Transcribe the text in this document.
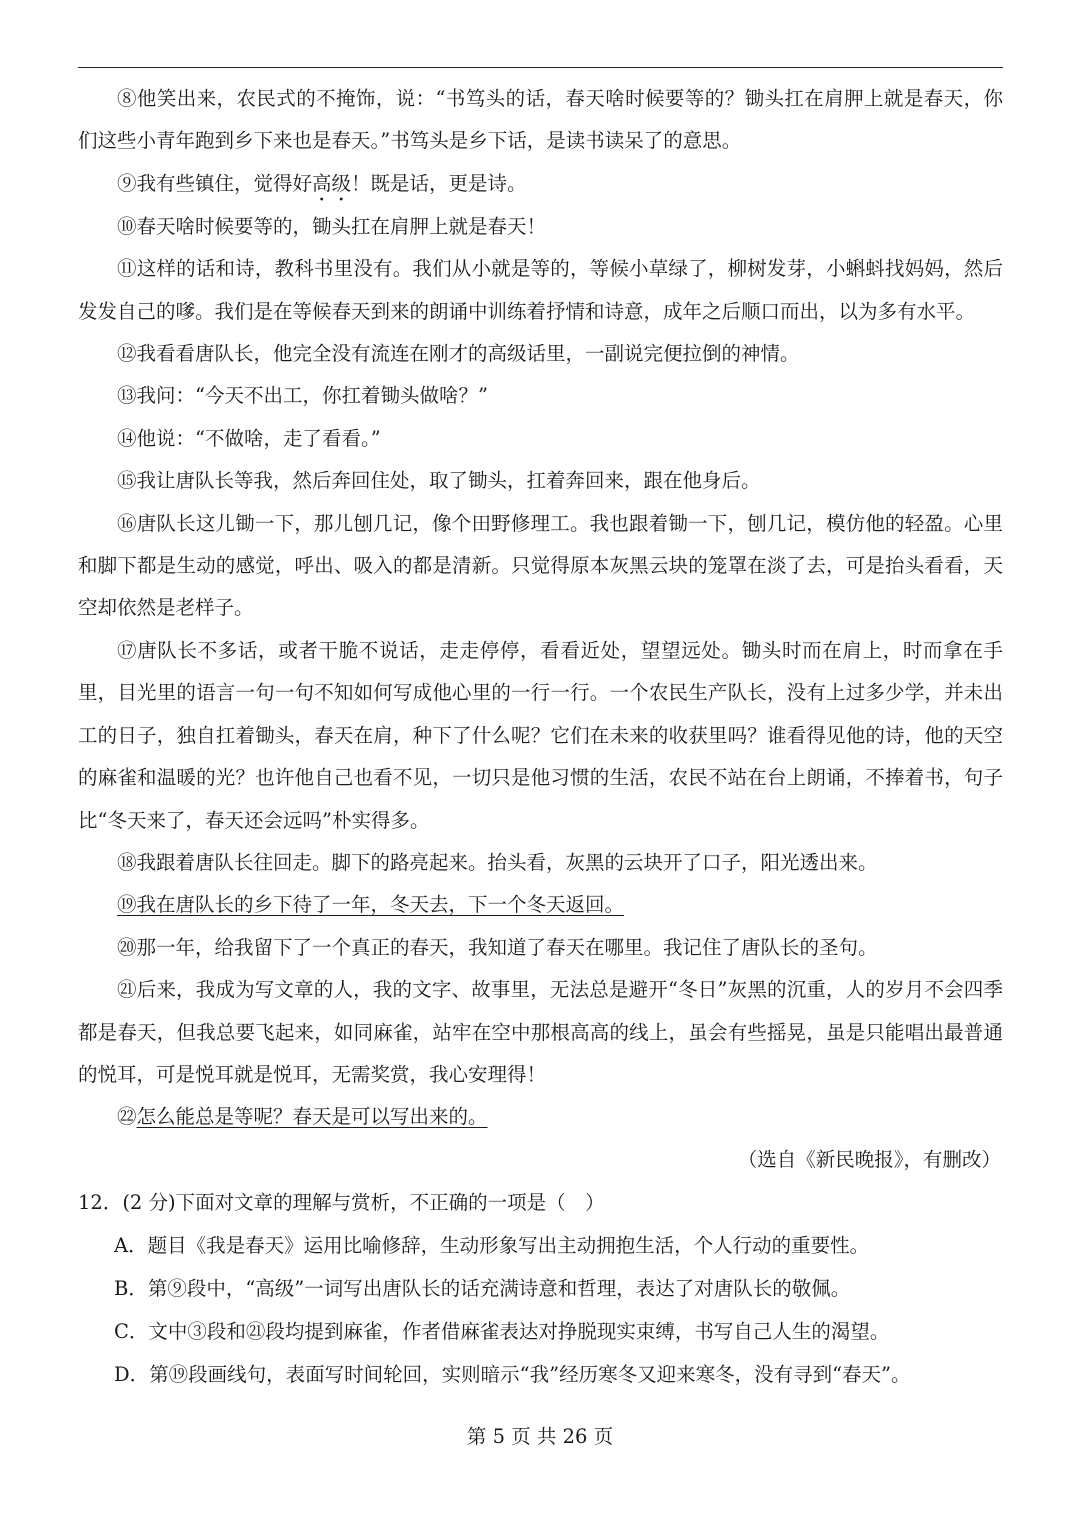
⑧他笑出来，农民式的不掩饰，说：“书笃头的话，春天啥时候要等的？锄头扛在肩胛上就是春天，你们这些小青年跑到乡下来也是春天。”书笃头是乡下话，是读书读呆了的意思。

⑨我有些镇住，觉得好高级！既是话，更是诗。

⑩春天啥时候要等的，锄头扛在肩胛上就是春天！

⑪这样的话和诗，教科书里没有。我们从小就是等的，等候小草绿了，柳树发芽，小蝌蚪找妈妈，然后发发自己的嗲。我们是在等候春天到来的朗诵中训练着抒情和诗意，成年之后顺口而出，以为多有水平。

⑫我看看唐队长，他完全没有流连在刚才的高级话里，一副说完便拉倒的神情。

⑬我问：“今天不出工，你扛着锄头做啥？”

⑭他说：“不做啥，走了看看。”

⑮我让唐队长等我，然后奔回住处，取了锄头，扛着奔回来，跟在他身后。

⑯唐队长这儿锄一下，那儿刨几记，像个田野修理工。我也跟着锄一下，刨几记，模仿他的轻盈。心里和脚下都是生动的感觉，呼出、吸入的都是清新。只觉得原本灰黑云块的笼罩在淡了去，可是抬头看看，天空却依然是老样子。

⑰唐队长不多话，或者干脆不说话，走走停停，看看近处，望望远处。锄头时而在肩上，时而拿在手里，目光里的语言一句一句不知如何写成他心里的一行一行。一个农民生产队长，没有上过多少学，并未出工的日子，独自扛着锄头，春天在肩，种下了什么呢？它们在未来的收获里吗？谁看得见他的诗，他的天空的麻雀和温暖的光？也许他自己也看不见，一切只是他习惯的生活，农民不站在台上朗诵，不捧着书，句子比“冬天来了，春天还会远吗”朴实得多。

⑱我跟着唐队长往回走。脚下的路亮起来。抬头看，灰黑的云块开了口子，阳光透出来。

⑲我在唐队长的乡下待了一年，冬天去，下一个冬天返回。

⑳那一年，给我留下了一个真正的春天，我知道了春天在哪里。我记住了唐队长的圣句。

㉑后来，我成为写文章的人，我的文字、故事里，无法总是避开“冬日”灰黑的沉重，人的岁月不会四季都是春天，但我总要飞起来，如同麻雀，站牢在空中那根高高的线上，虽会有些摇晃，虽是只能唱出最普通的悦耳，可是悦耳就是悦耳，无需奖赏，我心安理得！

㉒怎么能总是等呢？春天是可以写出来的。

（选自《新民晚报》，有删改）

12．(2 分)下面对文章的理解与赏析，不正确的一项是（　）

A．题目《我是春天》运用比喻修辞，生动形象写出主动拥抱生活，个人行动的重要性。

B．第⑨段中，“高级”一词写出唐队长的话充满诗意和哲理，表达了对唐队长的敬佩。

C．文中③段和㉑段均提到麻雀，作者借麻雀表达对挣脱现实束缚，书写自己人生的渴望。

D．第⑲段画线句，表面写时间轮回，实则暗示“我”经历寒冬又迎来寒冬，没有寻到“春天”。

第 5 页 共 26 页
